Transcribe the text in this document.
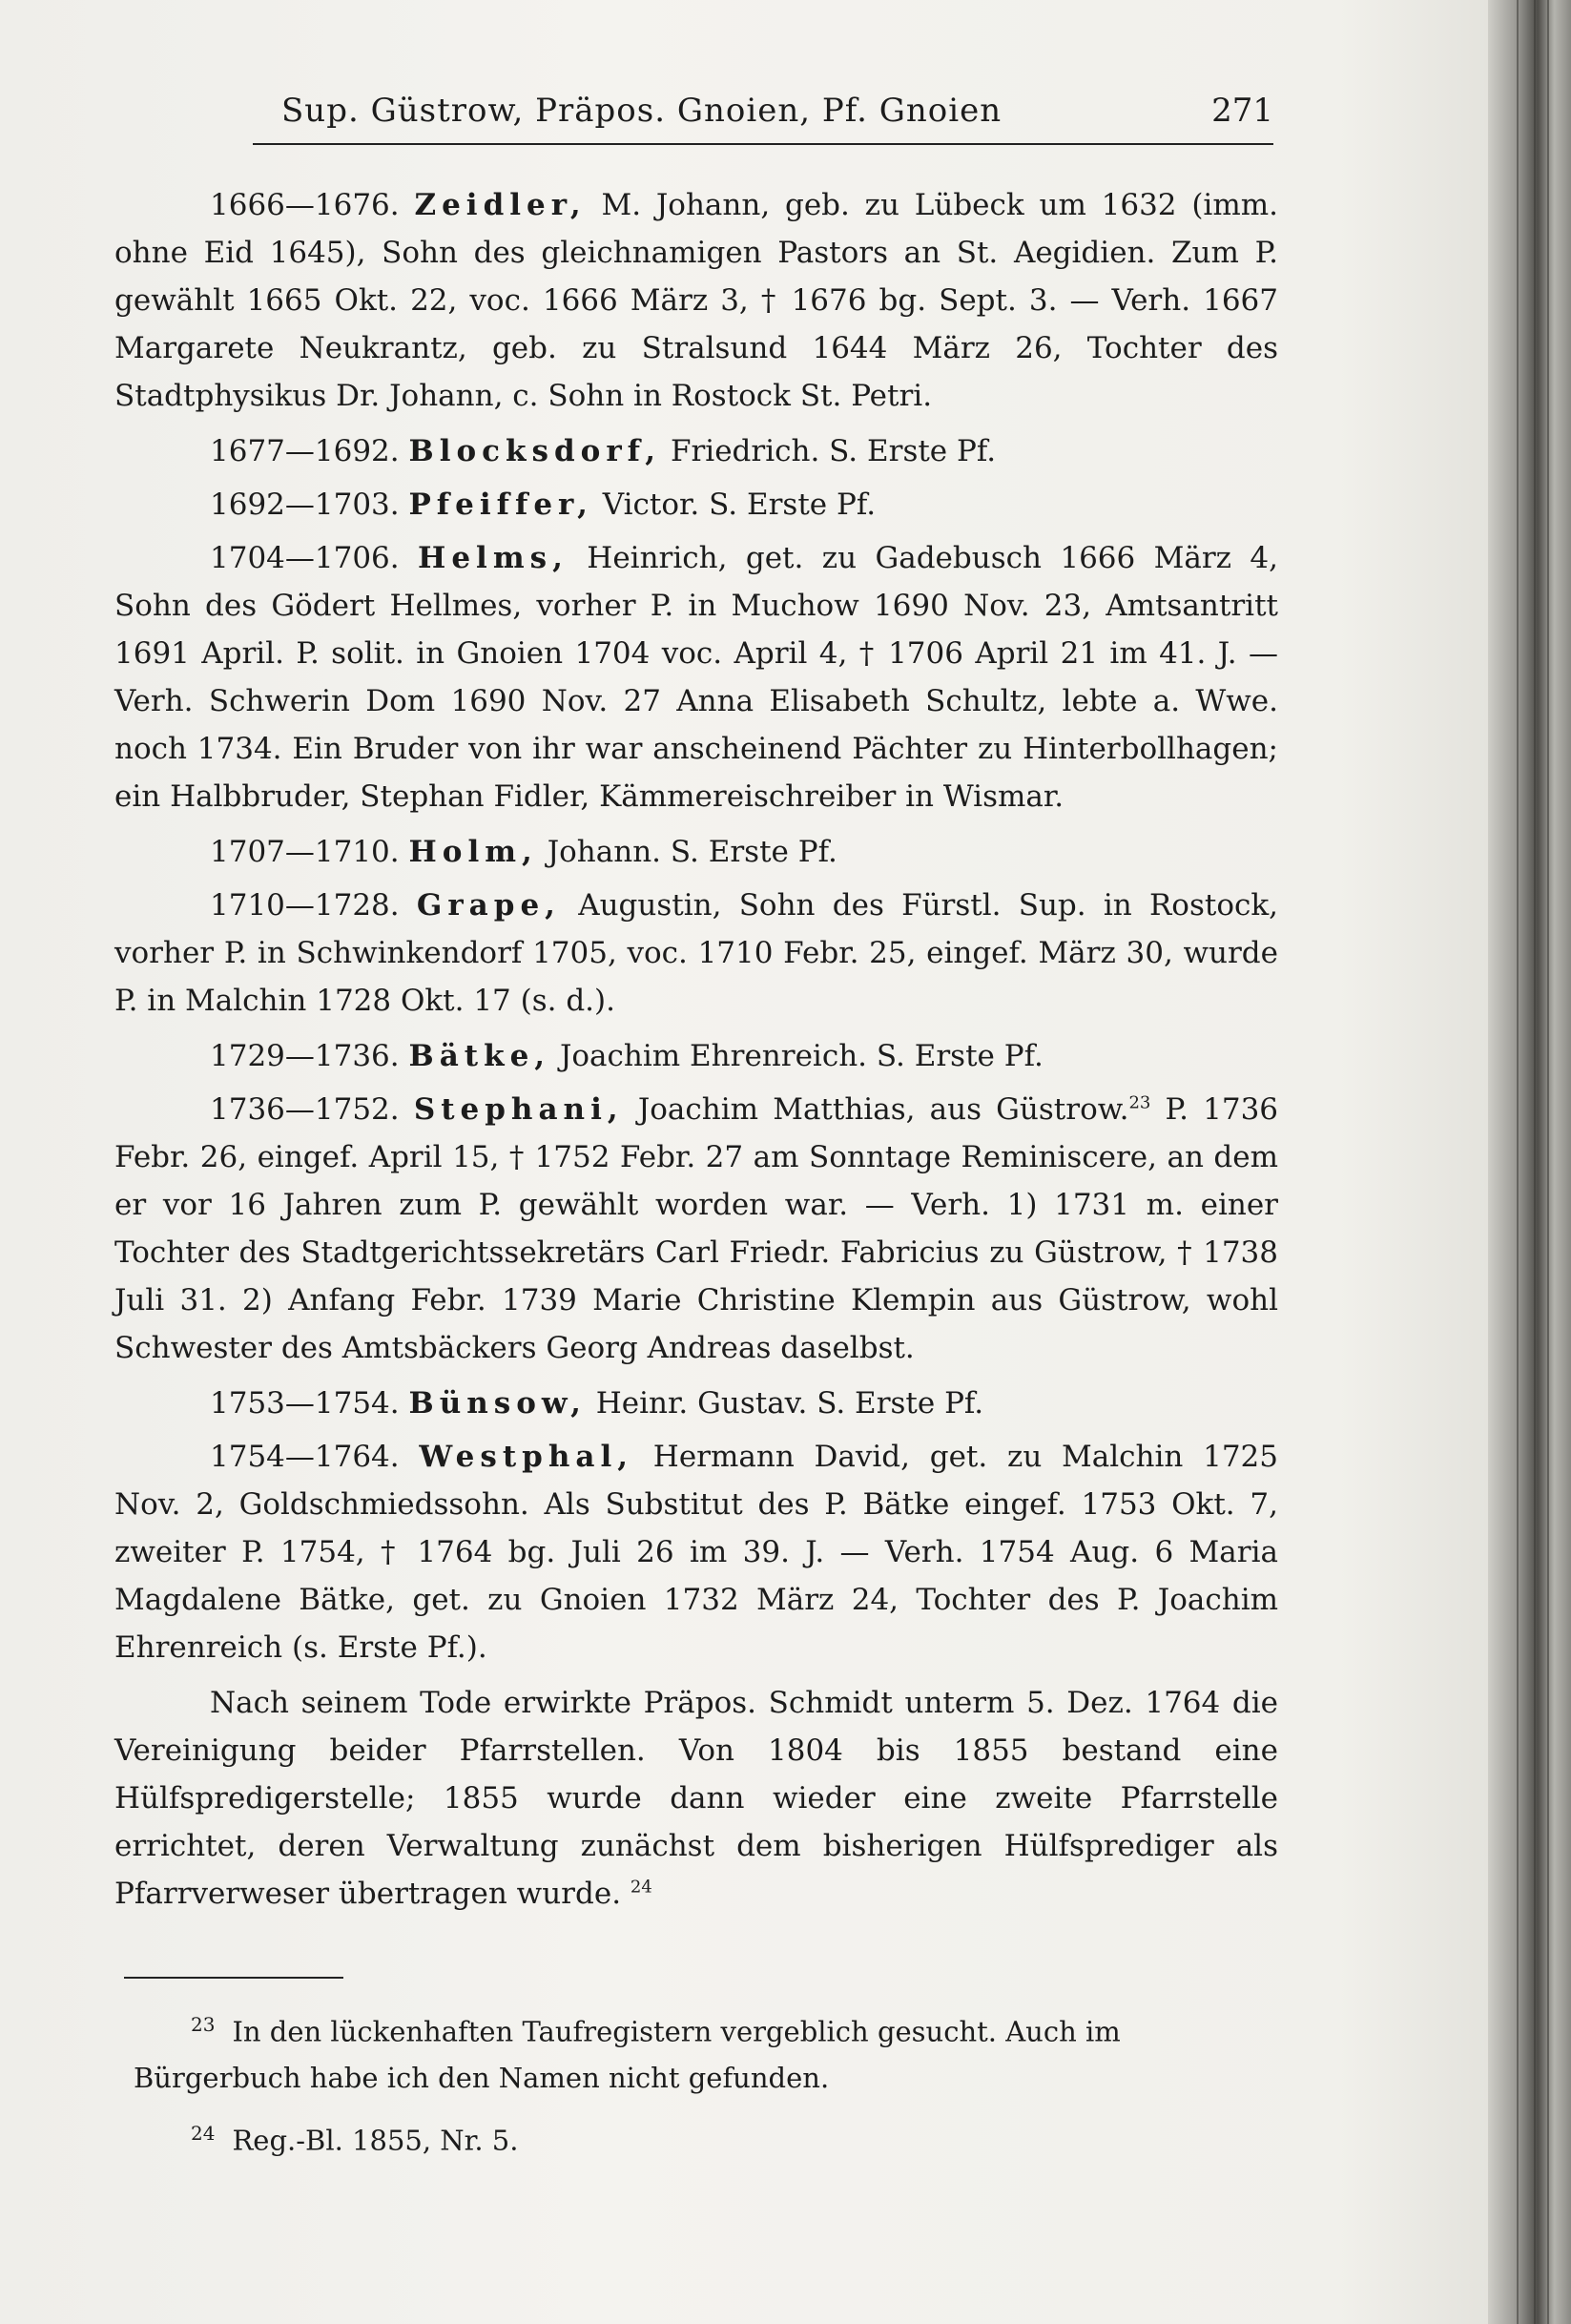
Sup. Güstrow, Präpos. Gnoien, Pf. Gnoien	271

1666—1676. Zeidler, M. Johann, geb. zu Lübeck um 1632 (imm. ohne Eid 1645), Sohn des gleichnamigen Pastors an St. Aegidien. Zum P. gewählt 1665 Okt. 22, voc. 1666 März 3, † 1676 bg. Sept. 3. — Verh. 1667 Margarete Neukrantz, geb. zu Stralsund 1644 März 26, Tochter des Stadtphysikus Dr. Johann, c. Sohn in Rostock St. Petri.

1677—1692. Blocksdorf, Friedrich. S. Erste Pf.

1692—1703. Pfeiffer, Victor. S. Erste Pf.

1704—1706. Helms, Heinrich, get. zu Gadebusch 1666 März 4, Sohn des Gödert Hellmes, vorher P. in Muchow 1690 Nov. 23, Amtsantritt 1691 April. P. solit. in Gnoien 1704 voc. April 4, † 1706 April 21 im 41. J. — Verh. Schwerin Dom 1690 Nov. 27 Anna Elisabeth Schultz, lebte a. Wwe. noch 1734. Ein Bruder von ihr war anscheinend Pächter zu Hinterbollhagen; ein Halbbruder, Stephan Fidler, Kämmereischreiber in Wismar.

1707—1710. Holm, Johann. S. Erste Pf.

1710—1728. Grape, Augustin, Sohn des Fürstl. Sup. in Rostock, vorher P. in Schwinkendorf 1705, voc. 1710 Febr. 25, eingef. März 30, wurde P. in Malchin 1728 Okt. 17 (s. d.).

1729—1736. Bätke, Joachim Ehrenreich. S. Erste Pf.

1736—1752. Stephani, Joachim Matthias, aus Güstrow.$^{23}$ P. 1736 Febr. 26, eingef. April 15, † 1752 Febr. 27 am Sonntage Reminiscere, an dem er vor 16 Jahren zum P. gewählt worden war. — Verh. 1) 1731 m. einer Tochter des Stadtgerichtssekretärs Carl Friedr. Fabricius zu Güstrow, † 1738 Juli 31. 2) Anfang Febr. 1739 Marie Christine Klempin aus Güstrow, wohl Schwester des Amtsbäckers Georg Andreas daselbst.

1753—1754. Bünsow, Heinr. Gustav. S. Erste Pf.

1754—1764. Westphal, Hermann David, get. zu Malchin 1725 Nov. 2, Goldschmiedssohn. Als Substitut des P. Bätke eingef. 1753 Okt. 7, zweiter P. 1754, † 1764 bg. Juli 26 im 39. J. — Verh. 1754 Aug. 6 Maria Magdalene Bätke, get. zu Gnoien 1732 März 24, Tochter des P. Joachim Ehrenreich (s. Erste Pf.).

Nach seinem Tode erwirkte Präpos. Schmidt unterm 5. Dez. 1764 die Vereinigung beider Pfarrstellen. Von 1804 bis 1855 bestand eine Hülfspredigerstelle; 1855 wurde dann wieder eine zweite Pfarrstelle errichtet, deren Verwaltung zunächst dem bisherigen Hülfsprediger als Pfarrverweser übertragen wurde. $^{24}$

$^{23}$ In den lückenhaften Taufregistern vergeblich gesucht. Auch im Bürgerbuch habe ich den Namen nicht gefunden.

$^{24}$ Reg.-Bl. 1855, Nr. 5.
